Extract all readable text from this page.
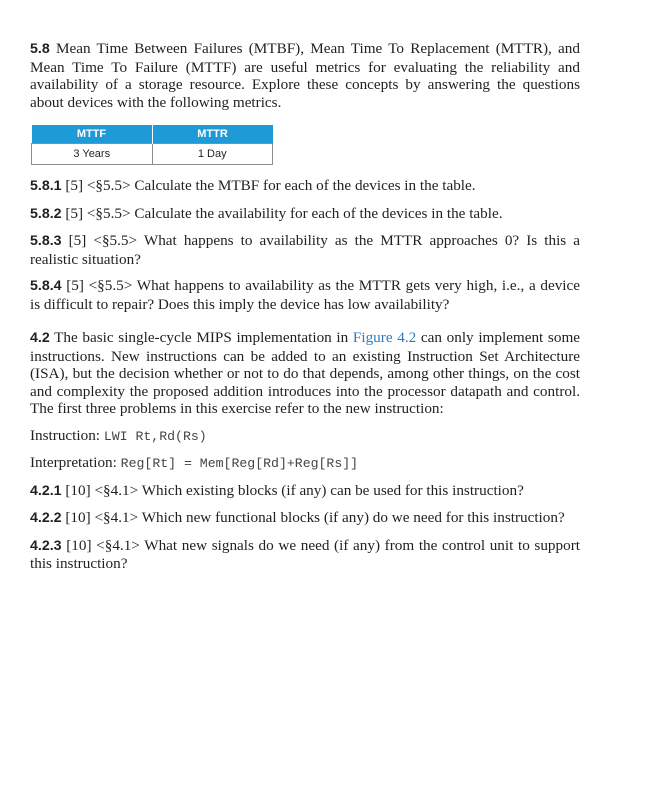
5.8 Mean Time Between Failures (MTBF), Mean Time To Replacement (MTTR), and Mean Time To Failure (MTTF) are useful metrics for evaluating the reliability and availability of a storage resource. Explore these concepts by answering the questions about devices with the following metrics.

MTTF	MTTR
3 Years	1 Day

5.8.1 [5] <§5.5> Calculate the MTBF for each of the devices in the table.

5.8.2 [5] <§5.5> Calculate the availability for each of the devices in the table.

5.8.3 [5] <§5.5> What happens to availability as the MTTR approaches 0? Is this a realistic situation?

5.8.4 [5] <§5.5> What happens to availability as the MTTR gets very high, i.e., a device is difficult to repair? Does this imply the device has low availability?

4.2 The basic single-cycle MIPS implementation in Figure 4.2 can only implement some instructions. New instructions can be added to an existing Instruction Set Architecture (ISA), but the decision whether or not to do that depends, among other things, on the cost and complexity the proposed addition introduces into the processor datapath and control. The first three problems in this exercise refer to the new instruction:

Instruction: LWI Rt,Rd(Rs)

Interpretation: Reg[Rt] = Mem[Reg[Rd]+Reg[Rs]]

4.2.1 [10] <§4.1> Which existing blocks (if any) can be used for this instruction?

4.2.2 [10] <§4.1> Which new functional blocks (if any) do we need for this instruction?

4.2.3 [10] <§4.1> What new signals do we need (if any) from the control unit to support this instruction?
